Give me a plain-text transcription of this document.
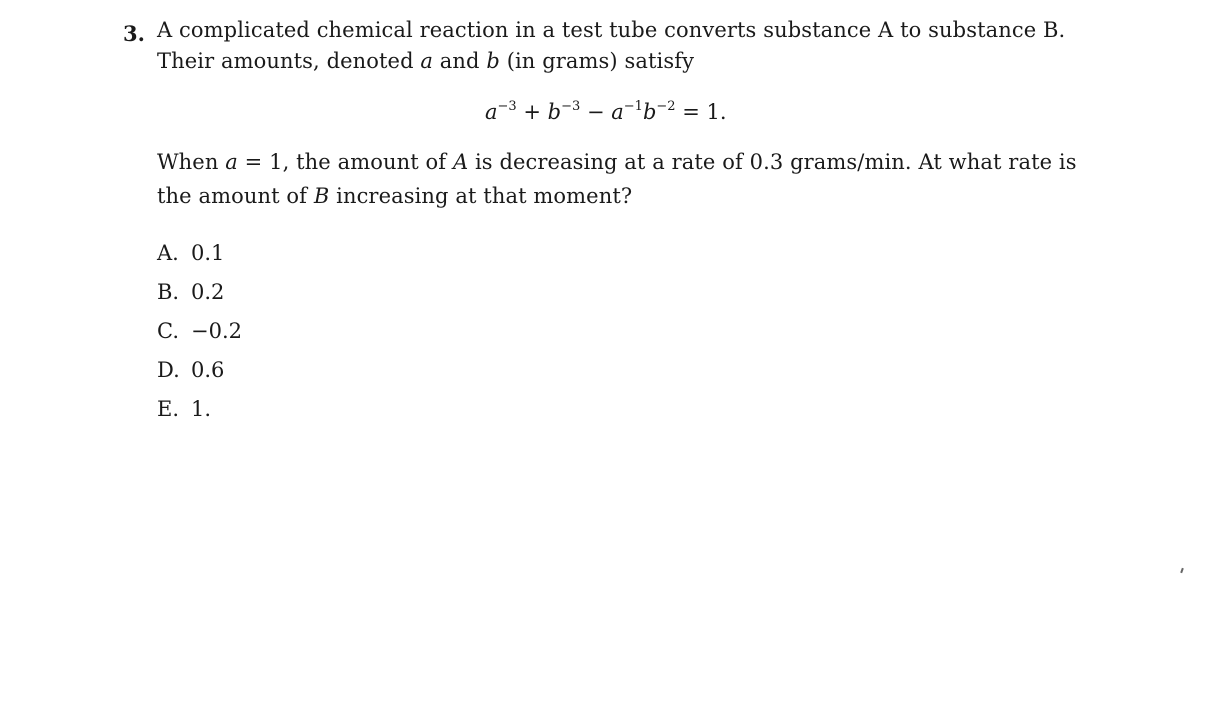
3. A complicated chemical reaction in a test tube converts substance A to substance B.
Their amounts, denoted a and b (in grams) satisfy
$a^{-3} + b^{-3} - a^{-1}b^{-2} = 1$.
When a = 1, the amount of A is decreasing at a rate of 0.3 grams/min. At what rate is
the amount of B increasing at that moment?
A. 0.1
B. 0.2
C. −0.2
D. 0.6
E. 1.
